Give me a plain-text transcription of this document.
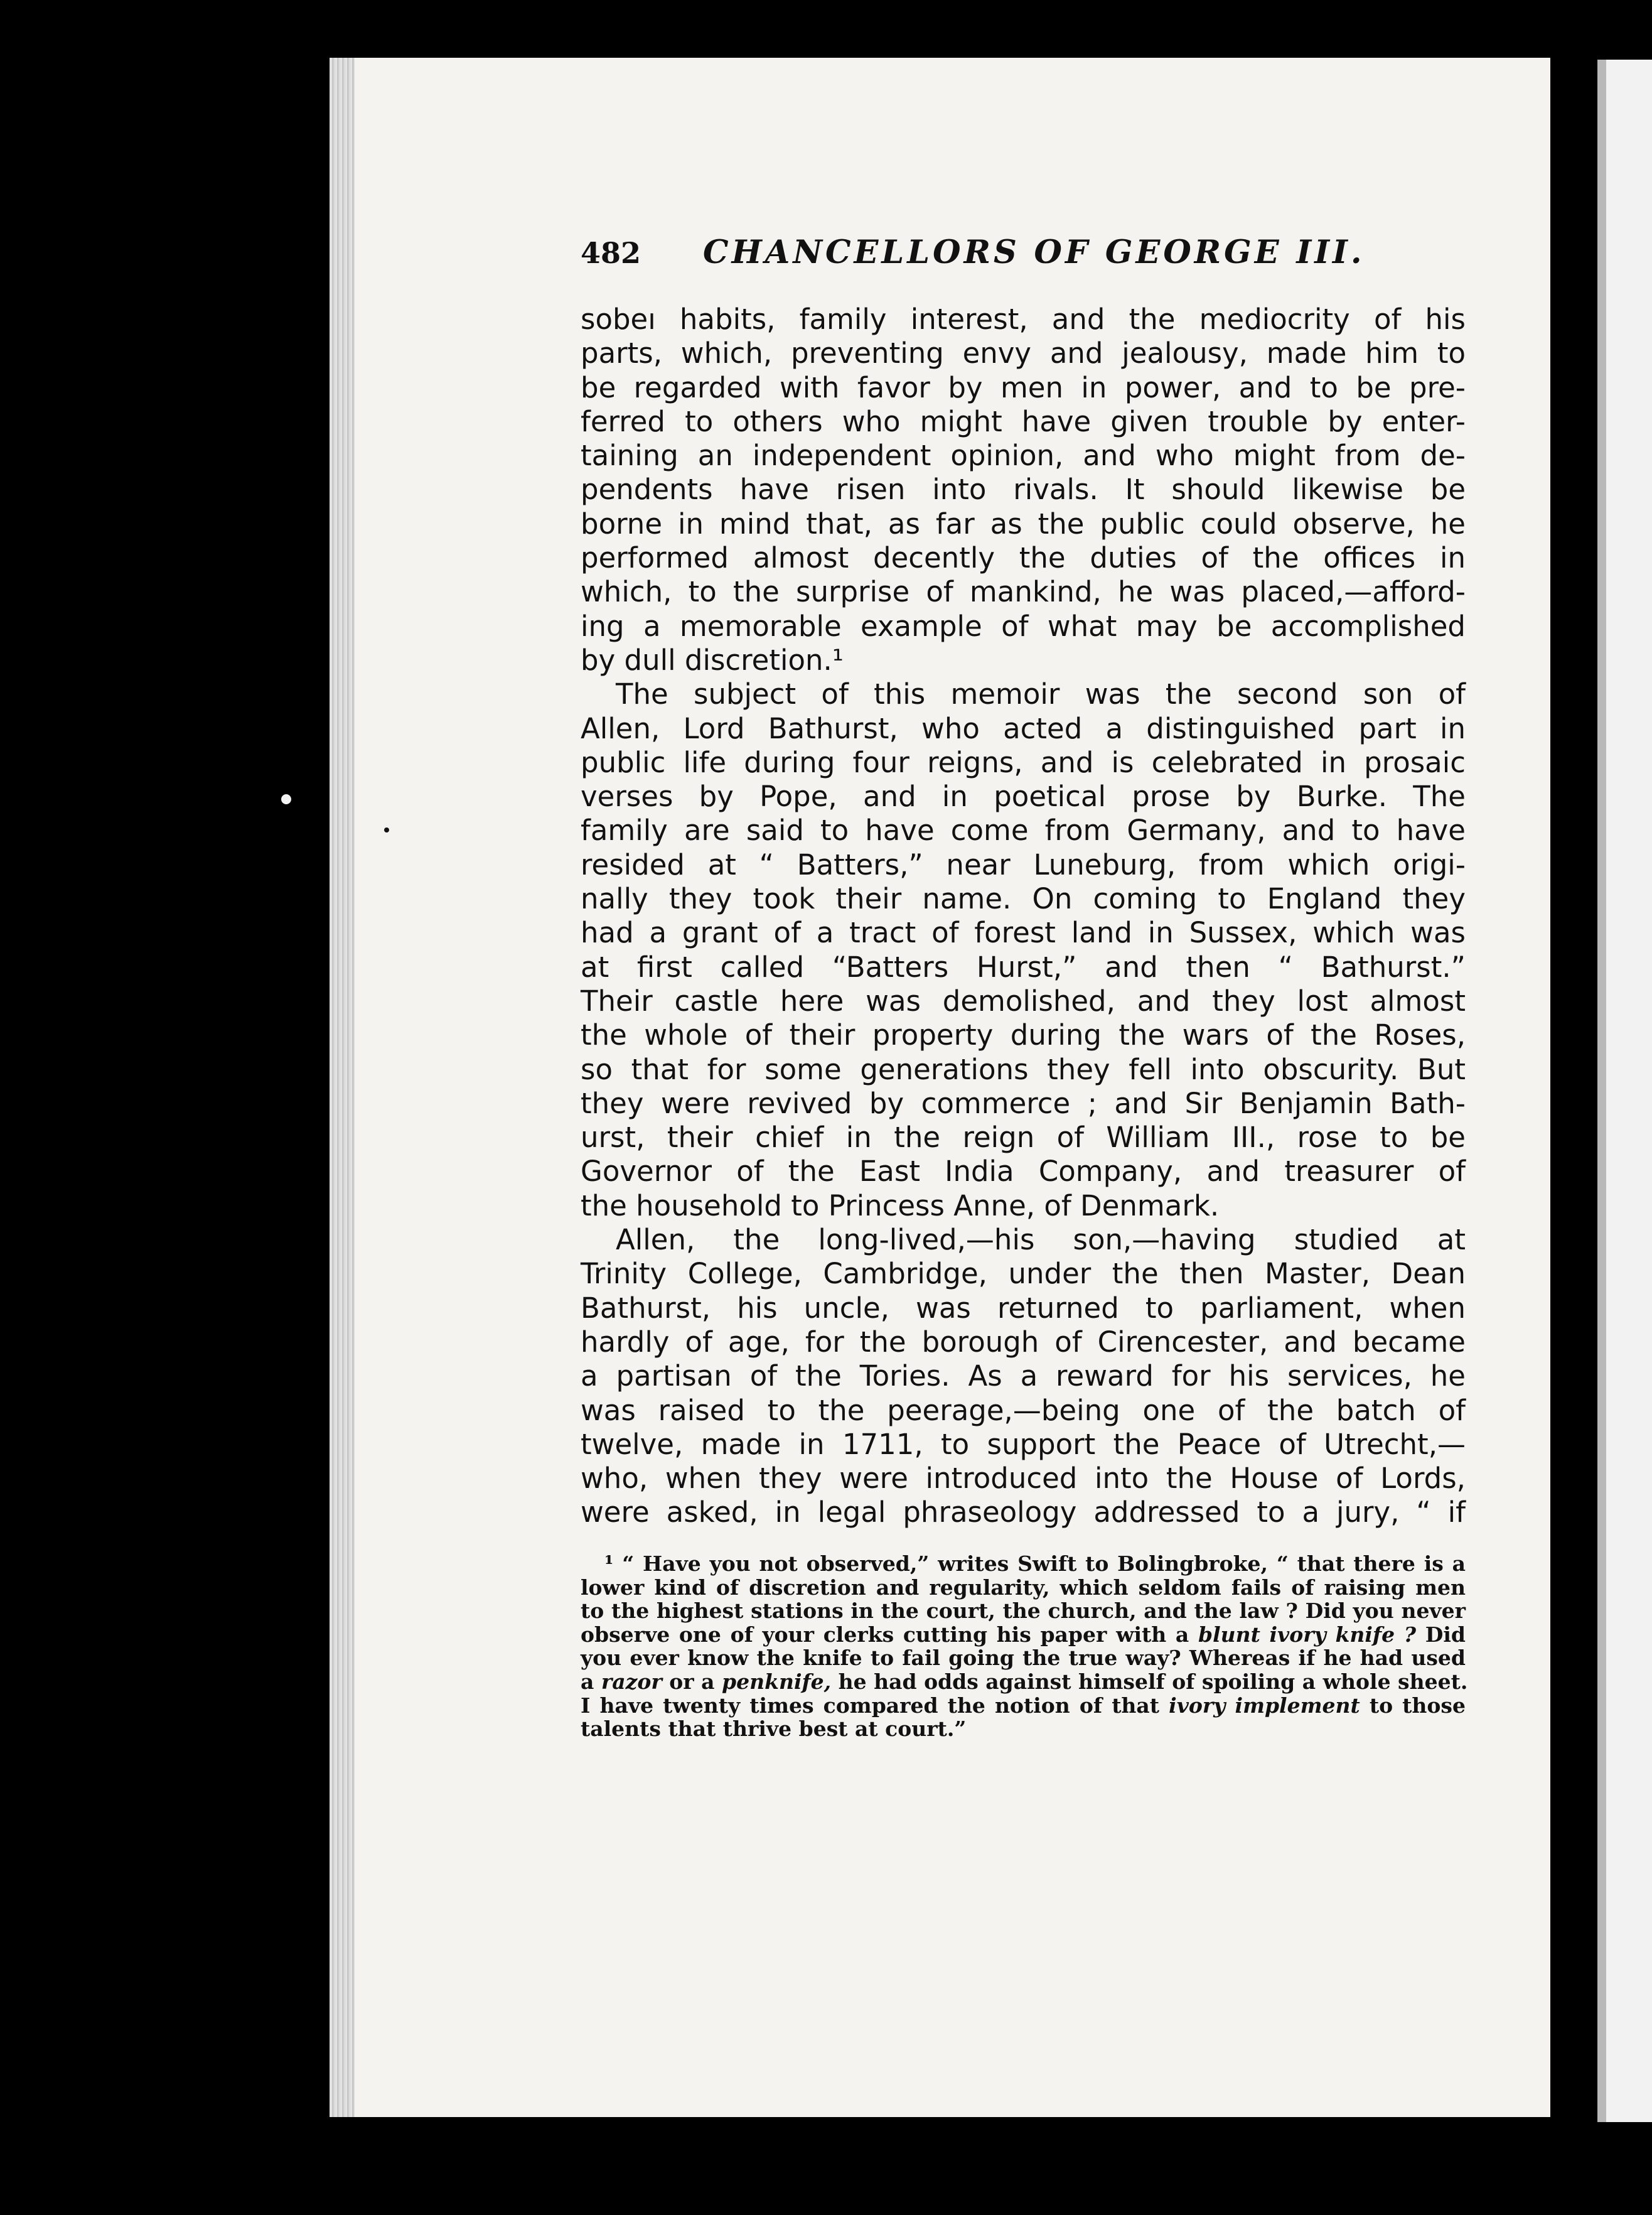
482 CHANCELLORS OF GEORGE III.
sobeı habits, family interest, and the mediοcrity of his
parts, which, preventing envy and jealousy, made him to
be regarded with favor by men in power, and to be pre-
ferred to others who might have given trouble by enter-
taining an independent opinion, and who might from de-
pendents have risen into rivals. It should likewise be
borne in mind that, as far as the public could observe, he
performed almost decently the duties of the offices in
which, to the surprise of mankind, he was placed,—afford-
ing a memorable example of what may be accomplished
by dull discretion.¹
The subject of this memoir was the second son of
Allen, Lord Bathurst, who acted a distinguished part in
public life during four reigns, and is celebrated in prosaic
verses by Pope, and in poetical prose by Burke. The
family are said to have come from Germany, and to have
resided at “ Batters,” near Luneburg, from which origi-
nally they took their name. On coming to England they
had a grant of a tract of forest land in Sussex, which was
at first called “Batters Hurst,” and then “ Bathurst.”
Their castle here was demolished, and they lost almost
the whole of their property during the wars of the Roses,
so that for some generations they fell into obscurity. But
they were revived by commerce ; and Sir Benjamin Bath-
urst, their chief in the reign of William III., rose to be
Governor of the East India Company, and treasurer of
the household to Princess Anne, of Denmark.
Allen, the long-lived,—his son,—having studied at
Trinity College, Cambridge, under the then Master, Dean
Bathurst, his uncle, was returned to parliament, when
hardly of age, for the borough of Cirencester, and became
a partisan of the Tories. As a reward for his services, he
was raised to the peerage,—being one of the batch of
twelve, made in 1711, to support the Peace of Utrecht,—
who, when they were introduced into the House of Lords,
were asked, in legal phraseology addressed to a jury, “ if
¹ “ Have you not observed,” writes Swift to Bolingbroke, “ that there is a
lower kind of discretion and regularity, which seldom fails of raising men
to the highest stations in the court, the church, and the law ? Did you never
observe one of your clerks cutting his paper with a blunt ivory knife ? Did
you ever know the knife to fail going the true way? Whereas if he had used
a razor or a penknife, he had odds against himself of spoiling a whole sheet.
I have twenty times compared the notion of that ivory implement to those
talents that thrive best at court.”
